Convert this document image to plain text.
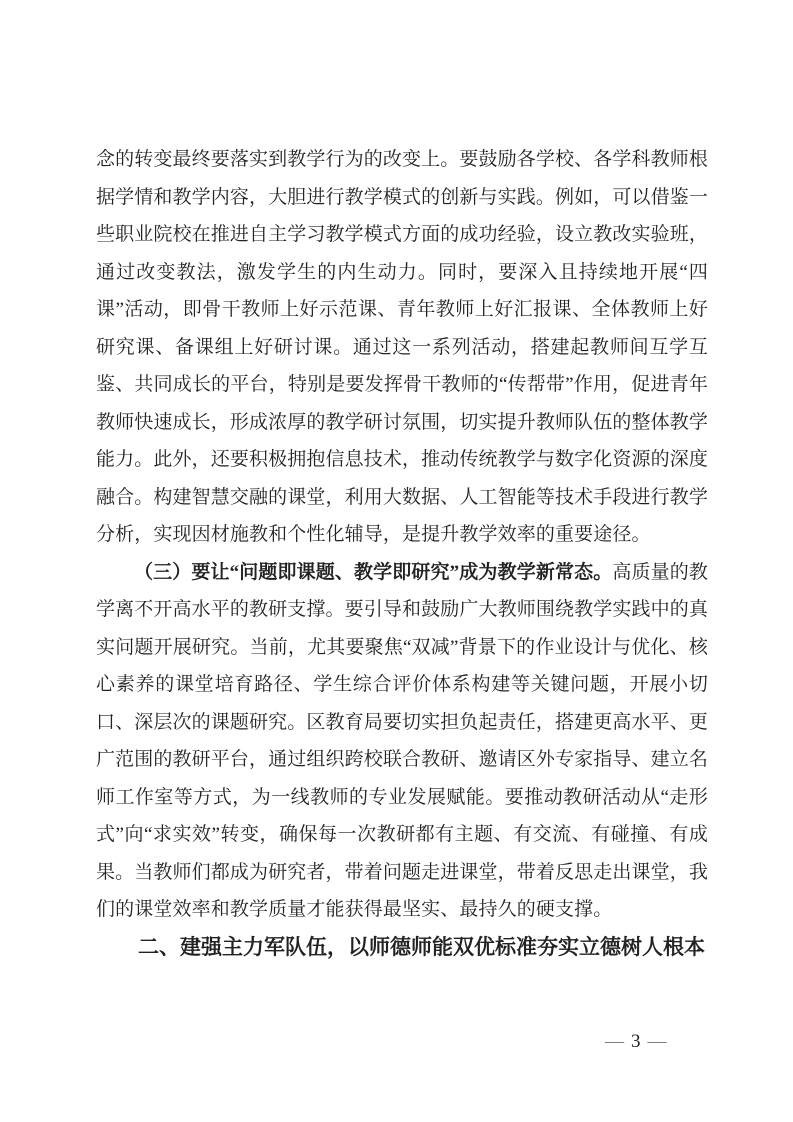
念的转变最终要落实到教学行为的改变上。要鼓励各学校、各学科教师根据学情和教学内容，大胆进行教学模式的创新与实践。例如，可以借鉴一些职业院校在推进自主学习教学模式方面的成功经验，设立教改实验班，通过改变教法，激发学生的内生动力。同时，要深入且持续地开展“四课”活动，即骨干教师上好示范课、青年教师上好汇报课、全体教师上好研究课、备课组上好研讨课。通过这一系列活动，搭建起教师间互学互鉴、共同成长的平台，特别是要发挥骨干教师的“传帮带”作用，促进青年教师快速成长，形成浓厚的教学研讨氛围，切实提升教师队伍的整体教学能力。此外，还要积极拥抱信息技术，推动传统教学与数字化资源的深度融合。构建智慧交融的课堂，利用大数据、人工智能等技术手段进行教学分析，实现因材施教和个性化辅导，是提升教学效率的重要途径。
（三）要让“问题即课题、教学即研究”成为教学新常态。高质量的教学离不开高水平的教研支撑。要引导和鼓励广大教师围绕教学实践中的真实问题开展研究。当前，尤其要聚焦“双减”背景下的作业设计与优化、核心素养的课堂培育路径、学生综合评价体系构建等关键问题，开展小切口、深层次的课题研究。区教育局要切实担负起责任，搭建更高水平、更广范围的教研平台，通过组织跨校联合教研、邀请区外专家指导、建立名师工作室等方式，为一线教师的专业发展赋能。要推动教研活动从“走形式”向“求实效”转变，确保每一次教研都有主题、有交流、有碰撞、有成果。当教师们都成为研究者，带着问题走进课堂，带着反思走出课堂，我们的课堂效率和教学质量才能获得最坚实、最持久的硬支撑。
二、建强主力军队伍，以师德师能双优标准夯实立德树人根本
— 3 —
